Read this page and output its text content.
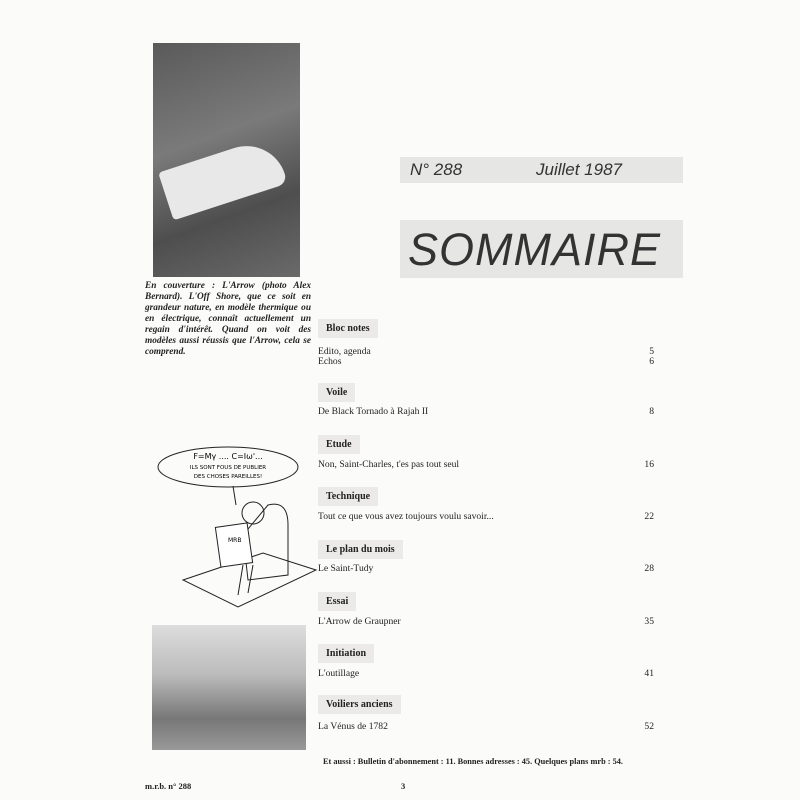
En couverture : L'Arrow (photo Alex Bernard). L'Off Shore, que ce soit en grandeur nature, en modèle thermique ou en électrique, connaît actuellement un regain d'intérêt. Quand on voit des modèles aussi réussis que l'Arrow, cela se comprend.
F=Mγ .... C=Iω'...
ILS SONT FOUS DE PUBLIER
DES CHOSES PAREILLES!
MRB
N° 288	Juillet 1987
SOMMAIRE
Bloc notes
Edito, agenda	5
Echos	6
Voile
De Black Tornado à Rajah II	8
Etude
Non, Saint-Charles, t'es pas tout seul	16
Technique
Tout ce que vous avez toujours voulu savoir...	22
Le plan du mois
Le Saint-Tudy	28
Essai
L'Arrow de Graupner	35
Initiation
L'outillage	41
Voiliers anciens
La Vénus de 1782	52
Et aussi : Bulletin d'abonnement : 11. Bonnes adresses : 45. Quelques plans mrb : 54.
m.r.b. n° 288	3
